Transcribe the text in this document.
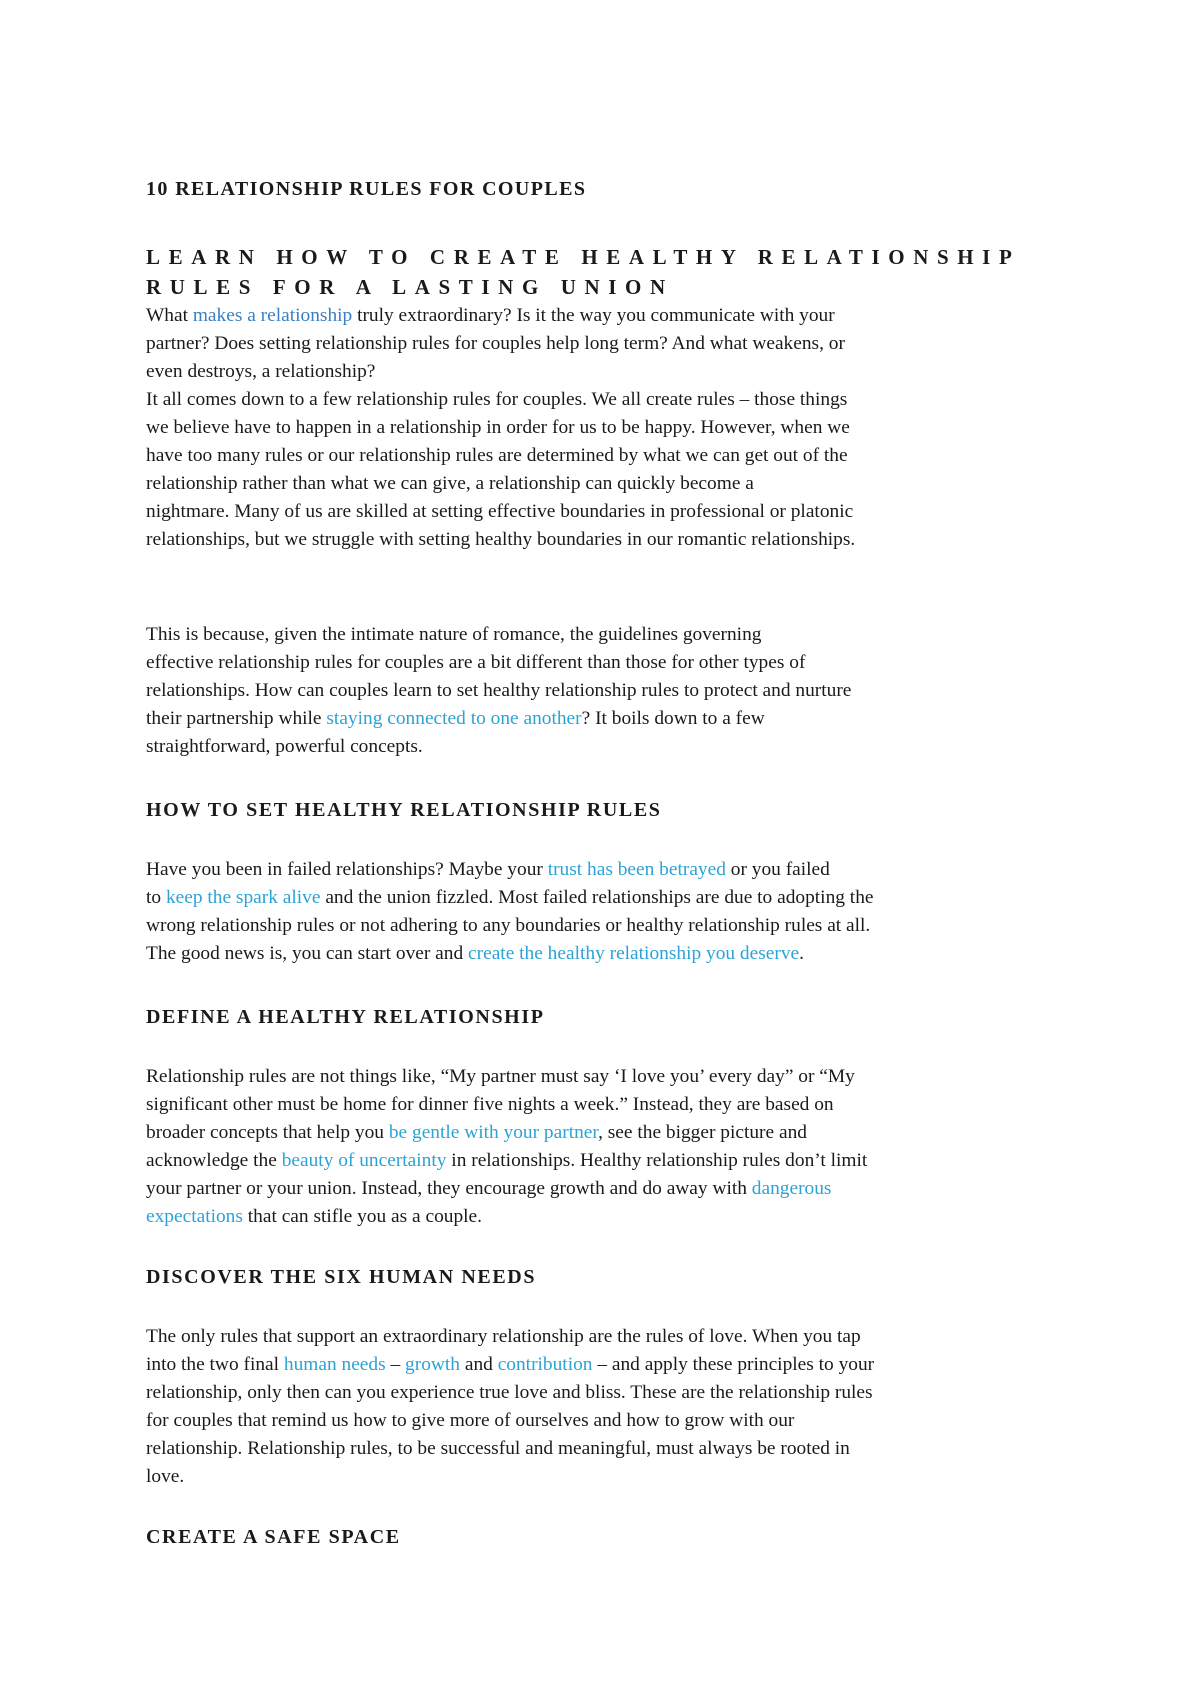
10 RELATIONSHIP RULES FOR COUPLES
LEARN HOW TO CREATE HEALTHY RELATIONSHIP
RULES FOR A LASTING UNION
What makes a relationship truly extraordinary? Is it the way you communicate with your
partner? Does setting relationship rules for couples help long term? And what weakens, or
even destroys, a relationship?
It all comes down to a few relationship rules for couples. We all create rules – those things
we believe have to happen in a relationship in order for us to be happy. However, when we
have too many rules or our relationship rules are determined by what we can get out of the
relationship rather than what we can give, a relationship can quickly become a
nightmare. Many of us are skilled at setting effective boundaries in professional or platonic
relationships, but we struggle with setting healthy boundaries in our romantic relationships.
This is because, given the intimate nature of romance, the guidelines governing
effective relationship rules for couples are a bit different than those for other types of
relationships. How can couples learn to set healthy relationship rules to protect and nurture
their partnership while staying connected to one another? It boils down to a few
straightforward, powerful concepts.
HOW TO SET HEALTHY RELATIONSHIP RULES
Have you been in failed relationships? Maybe your trust has been betrayed or you failed
to keep the spark alive and the union fizzled. Most failed relationships are due to adopting the
wrong relationship rules or not adhering to any boundaries or healthy relationship rules at all.
The good news is, you can start over and create the healthy relationship you deserve.
DEFINE A HEALTHY RELATIONSHIP
Relationship rules are not things like, “My partner must say ‘I love you’ every day” or “My
significant other must be home for dinner five nights a week.” Instead, they are based on
broader concepts that help you be gentle with your partner, see the bigger picture and
acknowledge the beauty of uncertainty in relationships. Healthy relationship rules don’t limit
your partner or your union. Instead, they encourage growth and do away with dangerous
expectations that can stifle you as a couple.
DISCOVER THE SIX HUMAN NEEDS
The only rules that support an extraordinary relationship are the rules of love. When you tap
into the two final human needs – growth and contribution – and apply these principles to your
relationship, only then can you experience true love and bliss. These are the relationship rules
for couples that remind us how to give more of ourselves and how to grow with our
relationship. Relationship rules, to be successful and meaningful, must always be rooted in
love.
CREATE A SAFE SPACE
